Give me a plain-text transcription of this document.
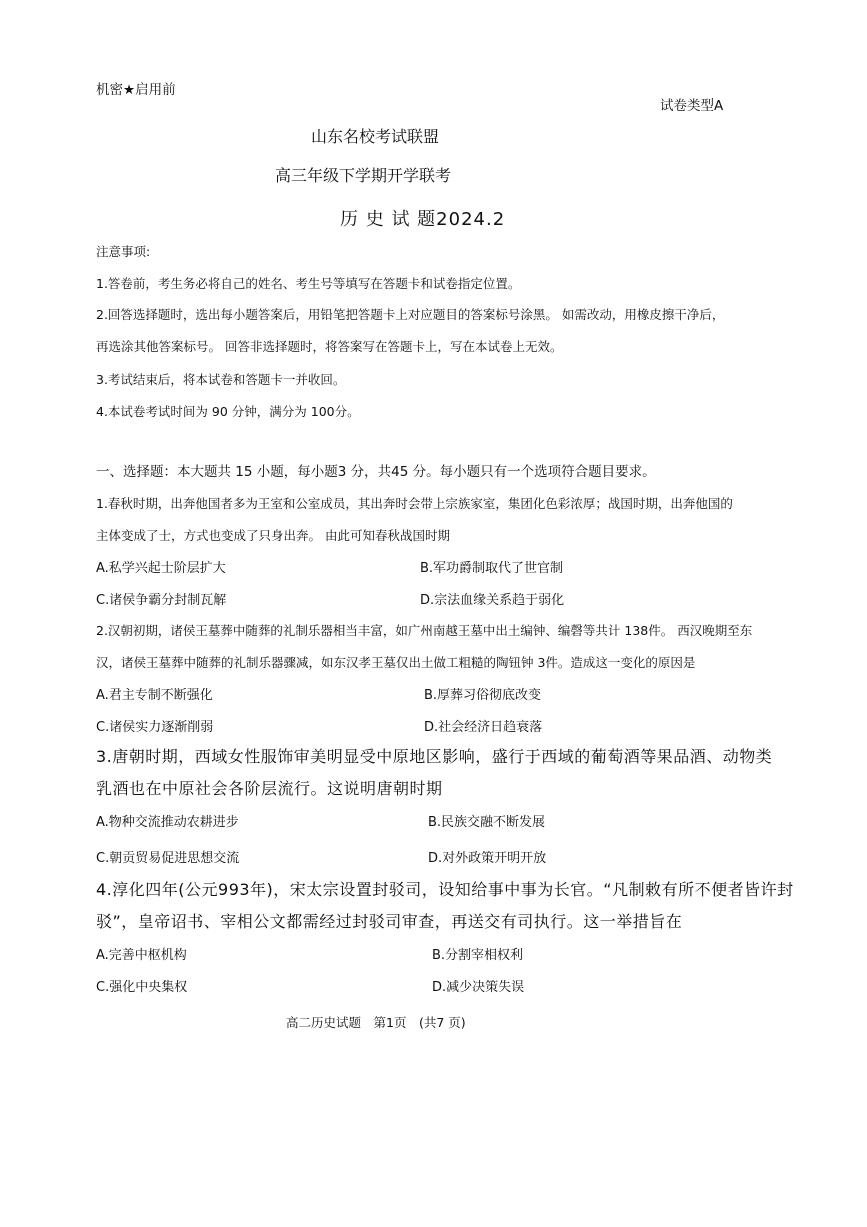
机密★启用前
试卷类型A
山东名校考试联盟
高三年级下学期开学联考
历 史 试 题2024.2
注意事项:
1.答卷前，考生务必将自己的姓名、考生号等填写在答题卡和试卷指定位置。
2.回答选择题时，选出每小题答案后，用铅笔把答题卡上对应题目的答案标号涂黑。 如需改动，用橡皮擦干净后，
再选涂其他答案标号。 回答非选择题时，将答案写在答题卡上，写在本试卷上无效。
3.考试结束后，将本试卷和答题卡一并收回。
4.本试卷考试时间为 90 分钟，满分为 100分。
一、选择题：本大题共 15 小题，每小题3 分，共45 分。每小题只有一个选项符合题目要求。
1.春秋时期，出奔他国者多为王室和公室成员，其出奔时会带上宗族家室，集团化色彩浓厚；战国时期，出奔他国的
主体变成了士，方式也变成了只身出奔。 由此可知春秋战国时期
A.私学兴起士阶层扩大	B.军功爵制取代了世官制
C.诸侯争霸分封制瓦解	D.宗法血缘关系趋于弱化
2.汉朝初期，诸侯王墓葬中随葬的礼制乐器相当丰富，如广州南越王墓中出土编钟、编磬等共计 138件。 西汉晚期至东
汉，诸侯王墓葬中随葬的礼制乐器骤减，如东汉孝王墓仅出土做工粗糙的陶钮钟 3件。造成这一变化的原因是
A.君主专制不断强化	B.厚葬习俗彻底改变
C.诸侯实力逐渐削弱	D.社会经济日趋衰落
3.唐朝时期，西域女性服饰审美明显受中原地区影响，盛行于西域的葡萄酒等果品酒、动物类
乳酒也在中原社会各阶层流行。这说明唐朝时期
A.物种交流推动农耕进步	B.民族交融不断发展
C.朝贡贸易促进思想交流	D.对外政策开明开放
4.淳化四年(公元993年)，宋太宗设置封驳司，设知给事中事为长官。“凡制敕有所不便者皆许封
驳”，皇帝诏书、宰相公文都需经过封驳司审查，再送交有司执行。这一举措旨在
A.完善中枢机构	B.分割宰相权利
C.强化中央集权	D.减少决策失误
高二历史试题　第1页　(共7 页)
